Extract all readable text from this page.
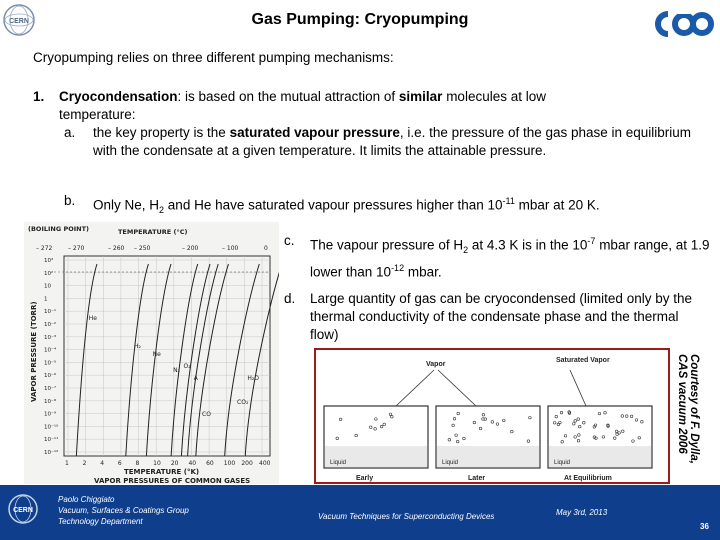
CERN	Gas Pumping: Cryopumping
Cryopumping relies on three different pumping mechanisms:
1. Cryocondensation: is based on the mutual attraction of similar molecules at low
temperature:
a. the key property is the saturated vapour pressure, i.e. the pressure of the gas phase in equilibrium with the condensate at a given temperature. It limits the attainable pressure.
b. Only Ne, $H_2$ and He have saturated vapour pressures higher than $10^{-11}$ mbar at 20 K.
(BOILING POINT)	TEMPERATURE (°C)
– 272	– 270	– 260 – 250	– 200	– 100	0
VAPOR PRESSURE (TORR)
10³
10²
10
1
10⁻¹
10⁻²
10⁻³
10⁻⁴
10⁻⁵
10⁻⁶
10⁻⁷
10⁻⁸
10⁻⁹
10⁻¹⁰
10⁻¹¹
10⁻¹²
He
H₂
Ne
N₂
O₂
A
CO
CO₂
H₂O
1 2 4 6 8 10 20 40 60 100 200 400
TEMPERATURE (°K)
VAPOR PRESSURES OF COMMON GASES
c. The vapour pressure of $H_2$ at 4.3 K is in the $10^{-7}$ mbar range, at 1.9 lower than $10^{-12}$ mbar.
d. Large quantity of gas can be cryocondensed (limited only by the thermal conductivity of the condensate phase and the thermal flow)
Vapor
Saturated Vapor
Liquid	Liquid	Liquid
Early	Later	At Equilibrium
Courtesy of F. Dylla,
CAS vacuum 2006
CERN
Paolo Chiggiato
Vacuum, Surfaces & Coatings Group
Technology Department
Vacuum Techniques for Superconducting Devices	May 3rd, 2013
36
